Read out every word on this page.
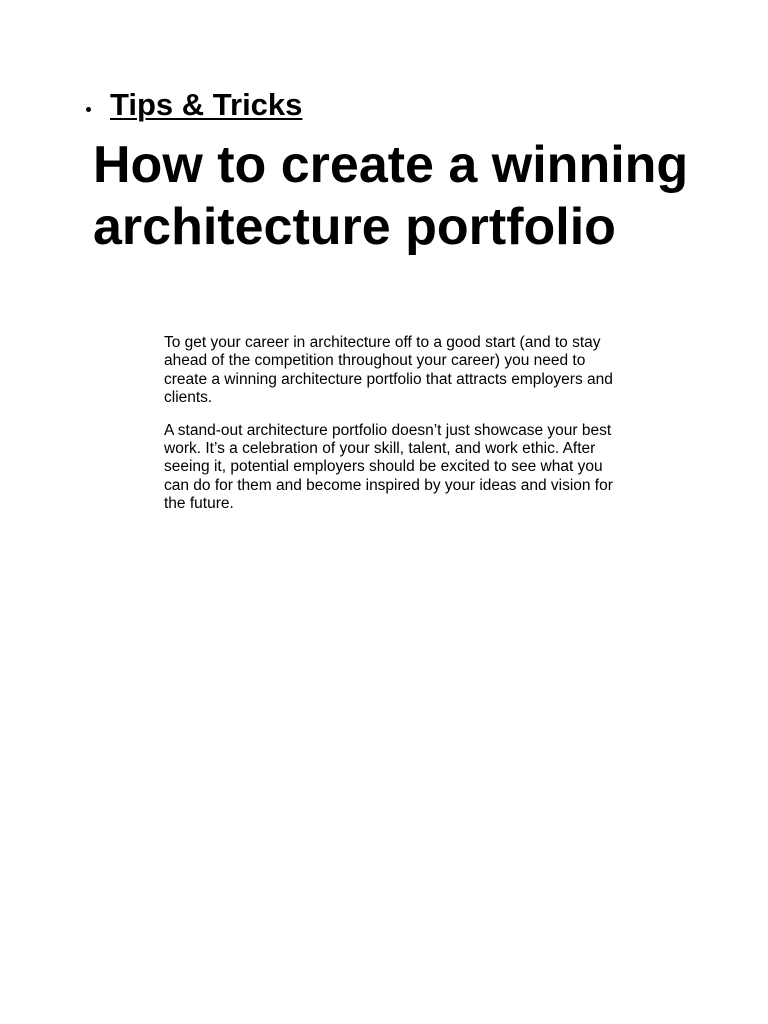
Tips & Tricks
How to create a winning architecture portfolio

To get your career in architecture off to a good start (and to stay ahead of the competition throughout your career) you need to create a winning architecture portfolio that attracts employers and clients.

A stand-out architecture portfolio doesn’t just showcase your best work. It’s a celebration of your skill, talent, and work ethic. After seeing it, potential employers should be excited to see what you can do for them and become inspired by your ideas and vision for the future.
